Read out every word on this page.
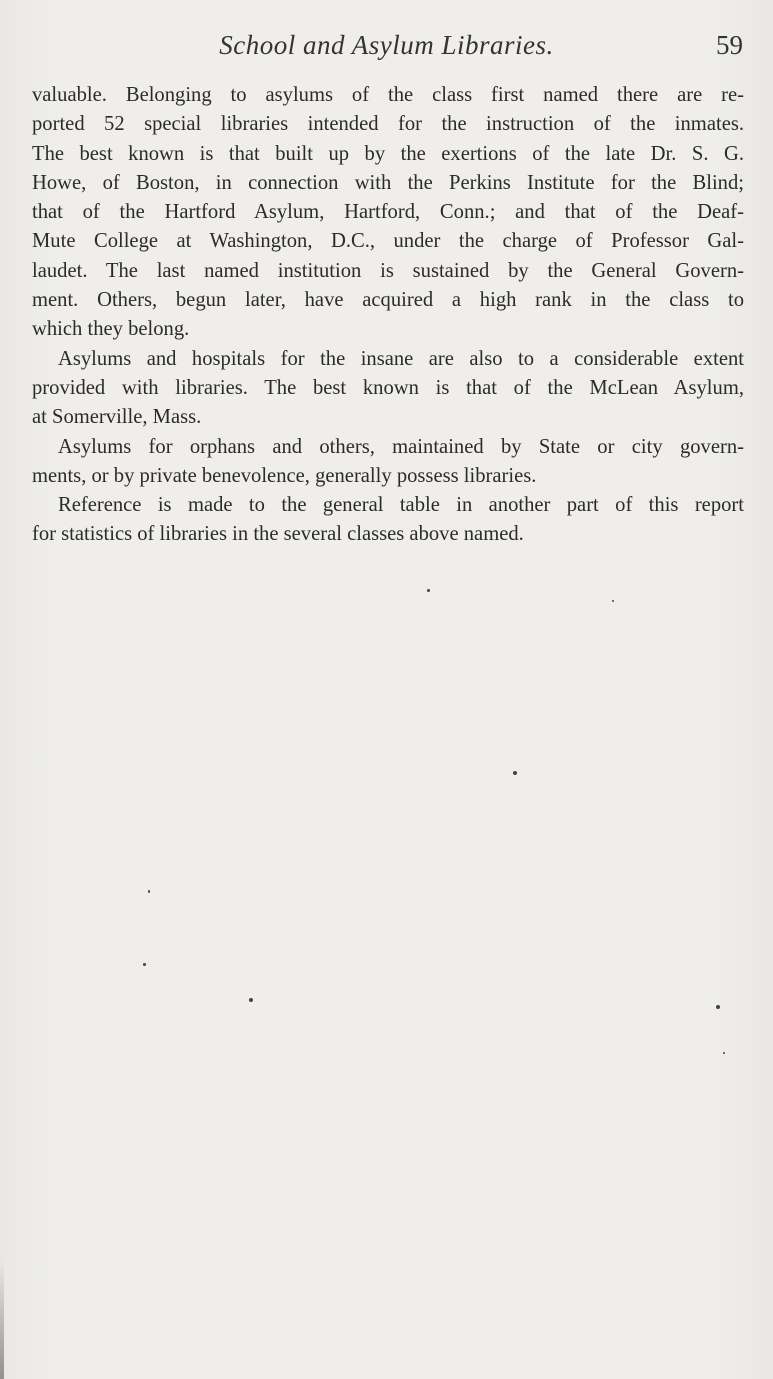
School and Asylum Libraries.	59
valuable. Belonging to asylums of the class first named there are re-
ported 52 special libraries intended for the instruction of the inmates.
The best known is that built up by the exertions of the late Dr. S. G.
Howe, of Boston, in connection with the Perkins Institute for the Blind;
that of the Hartford Asylum, Hartford, Conn.; and that of the Deaf-
Mute College at Washington, D.C., under the charge of Professor Gal-
laudet. The last named institution is sustained by the General Govern-
ment. Others, begun later, have acquired a high rank in the class to
which they belong.
Asylums and hospitals for the insane are also to a considerable extent
provided with libraries. The best known is that of the McLean Asylum,
at Somerville, Mass.
Asylums for orphans and others, maintained by State or city govern-
ments, or by private benevolence, generally possess libraries.
Reference is made to the general table in another part of this report
for statistics of libraries in the several classes above named.
